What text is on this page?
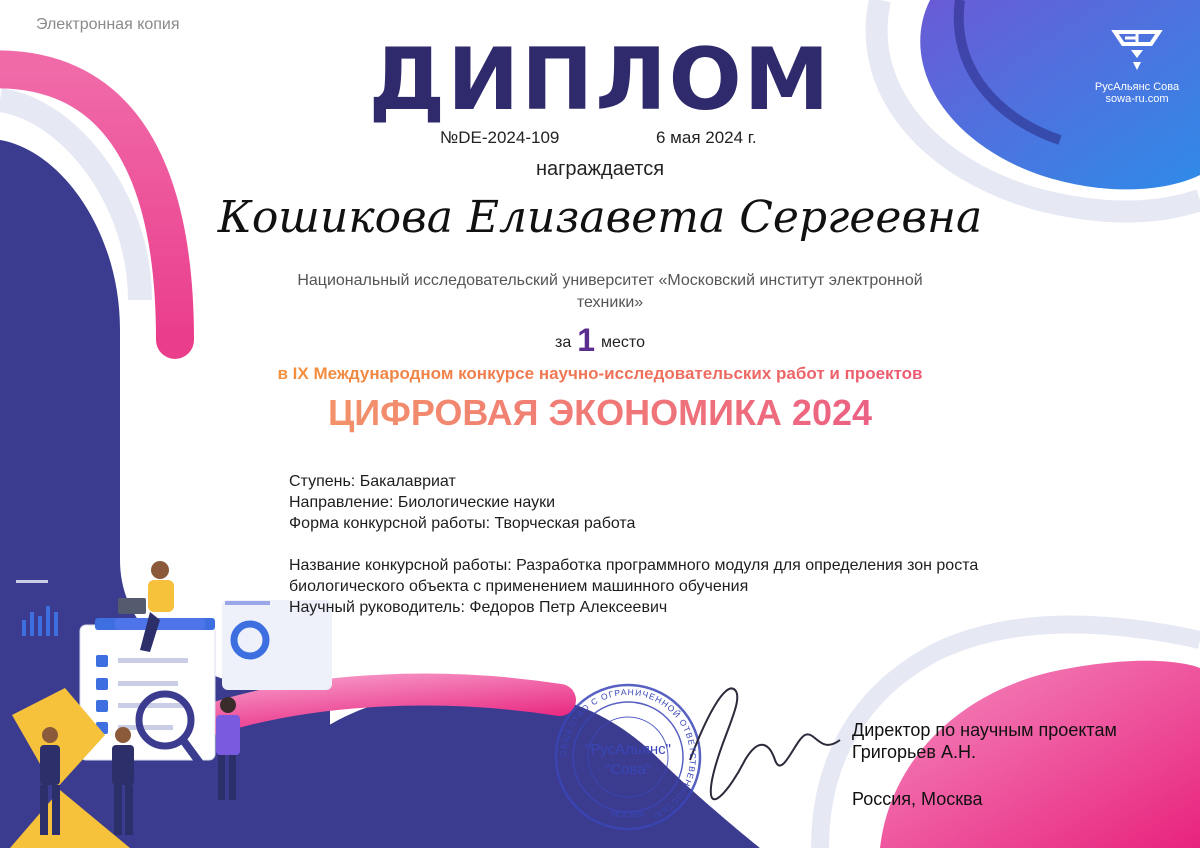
Электронная копия
РусАльянс Сова
sowa-ru.com
ДИПЛОМ
№DE-2024-109	6 мая 2024 г.
награждается
Кошикова Елизавета Сергеевна
Национальный исследовательский университет «Московский институт электронной техники»
за 1 место
в IX Международном конкурсе научно-исследовательских работ и проектов
ЦИФРОВАЯ ЭКОНОМИКА 2024
Ступень: Бакалавриат
Направление: Биологические науки
Форма конкурсной работы: Творческая работа
Название конкурсной работы: Разработка программного модуля для определения зон роста биологического объекта с применением машинного обучения
Научный руководитель: Федоров Петр Алексеевич
ОБЩЕСТВО С ОГРАНИЧЕННОЙ ОТВЕТСТВЕННОСТЬЮ
"РусАльянс"
"Сова"
МОСКВА
Директор по научным проектам
Григорьев А.Н.
Россия, Москва
